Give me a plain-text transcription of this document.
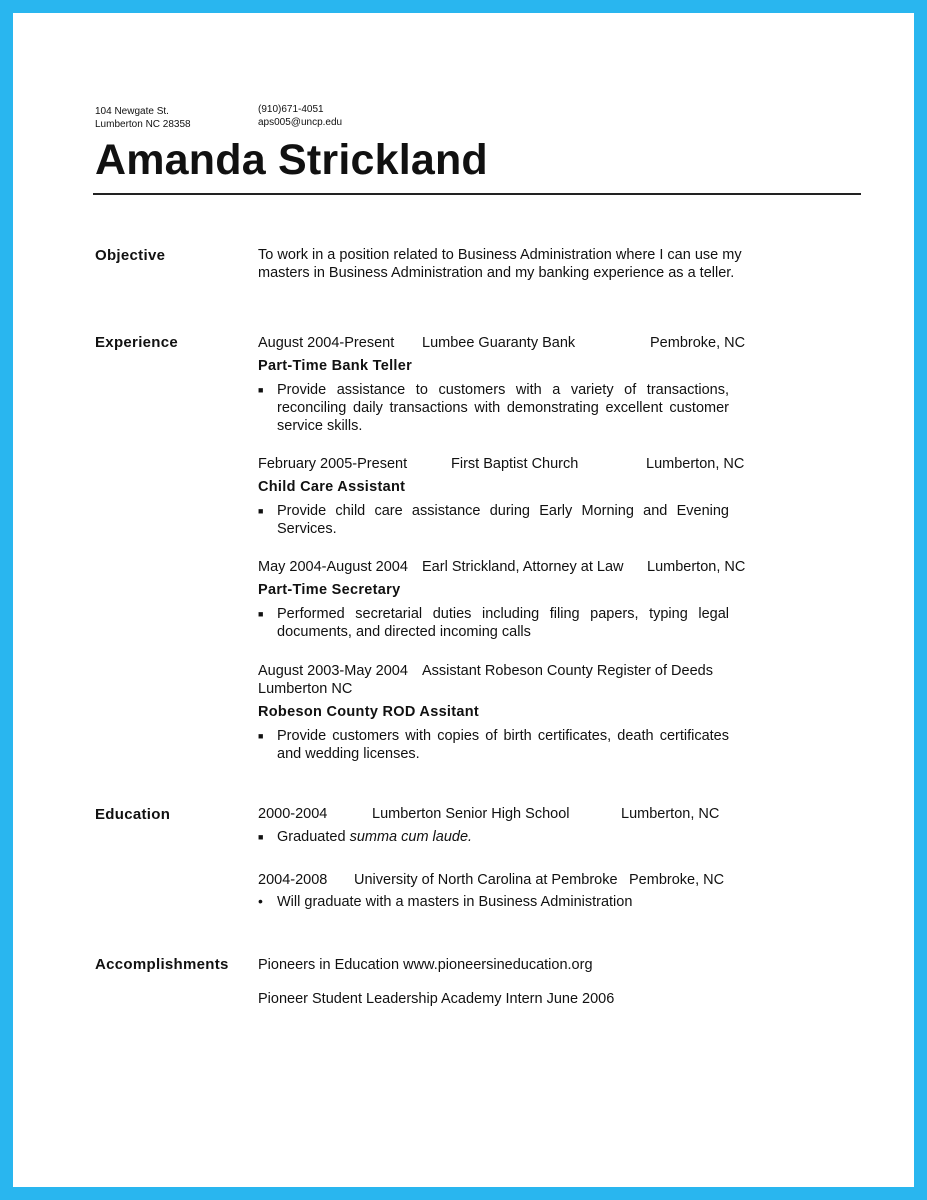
104 Newgate St.
Lumberton NC 28358
(910)671-4051
aps005@uncp.edu
Amanda Strickland
Objective	To work in a position related to Business Administration where I can use my masters in Business Administration and my banking experience as a teller.
Experience	August 2004-Present Lumbee Guaranty Bank	Pembroke, NC
Part-Time Bank Teller
■ Provide assistance to customers with a variety of transactions, reconciling daily transactions with demonstrating excellent customer service skills.
February 2005-Present	First Baptist Church	Lumberton, NC
Child Care Assistant
■ Provide child care assistance during Early Morning and Evening Services.
May 2004-August 2004 Earl Strickland, Attorney at Law Lumberton, NC
Part-Time Secretary
■ Performed secretarial duties including filing papers, typing legal documents, and directed incoming calls
August 2003-May 2004 Assistant Robeson County Register of Deeds
Lumberton NC
Robeson County ROD Assitant
■ Provide customers with copies of birth certificates, death certificates and wedding licenses.
Education	2000-2004	Lumberton Senior High School	Lumberton, NC
■ Graduated summa cum laude.
2004-2008 University of North Carolina at Pembroke Pembroke, NC
• Will graduate with a masters in Business Administration
Accomplishments Pioneers in Education www.pioneersineducation.org
Pioneer Student Leadership Academy Intern June 2006
